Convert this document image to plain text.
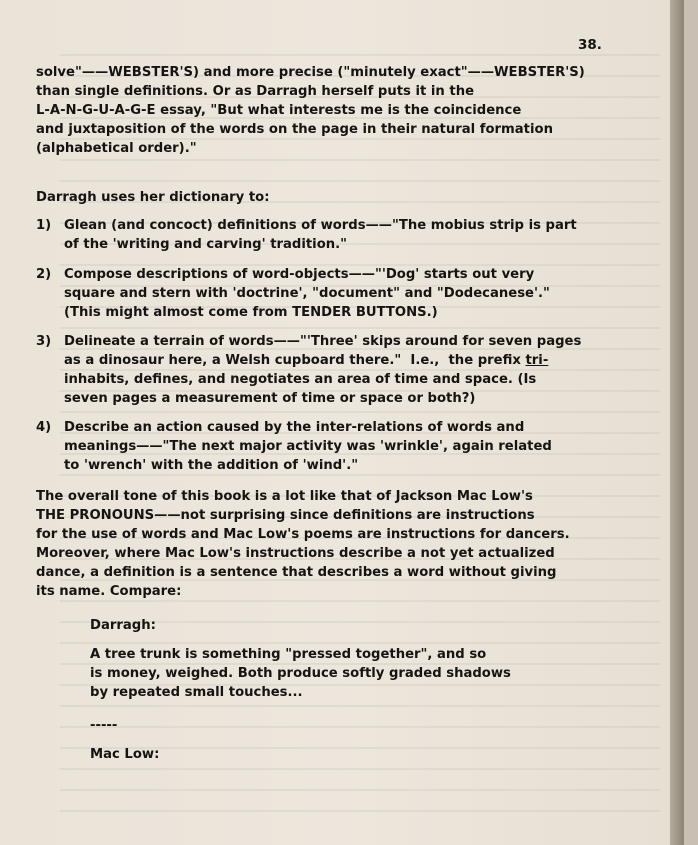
38.
solve"——WEBSTER'S) and more precise ("minutely exact"——WEBSTER'S)
than single definitions. Or as Darragh herself puts it in the
L-A-N-G-U-A-G-E essay, "But what interests me is the coincidence
and juxtaposition of the words on the page in their natural formation
(alphabetical order)."
Darragh uses her dictionary to:
1) Glean (and concoct) definitions of words——"The mobius strip is part
of the 'writing and carving' tradition."
2) Compose descriptions of word-objects——"'Dog' starts out very
square and stern with 'doctrine', "document" and "Dodecanese'."
(This might almost come from TENDER BUTTONS.)
3) Delineate a terrain of words——"'Three' skips around for seven pages
as a dinosaur here, a Welsh cupboard there."  I.e.,  the prefix tri-
inhabits, defines, and negotiates an area of time and space. (Is
seven pages a measurement of time or space or both?)
4) Describe an action caused by the inter-relations of words and
meanings——"The next major activity was 'wrinkle', again related
to 'wrench' with the addition of 'wind'."
The overall tone of this book is a lot like that of Jackson Mac Low's
THE PRONOUNS——not surprising since definitions are instructions
for the use of words and Mac Low's poems are instructions for dancers.
Moreover, where Mac Low's instructions describe a not yet actualized
dance, a definition is a sentence that describes a word without giving
its name. Compare:
Darragh:
A tree trunk is something "pressed together", and so
is money, weighed. Both produce softly graded shadows
by repeated small touches...
-----
Mac Low:
